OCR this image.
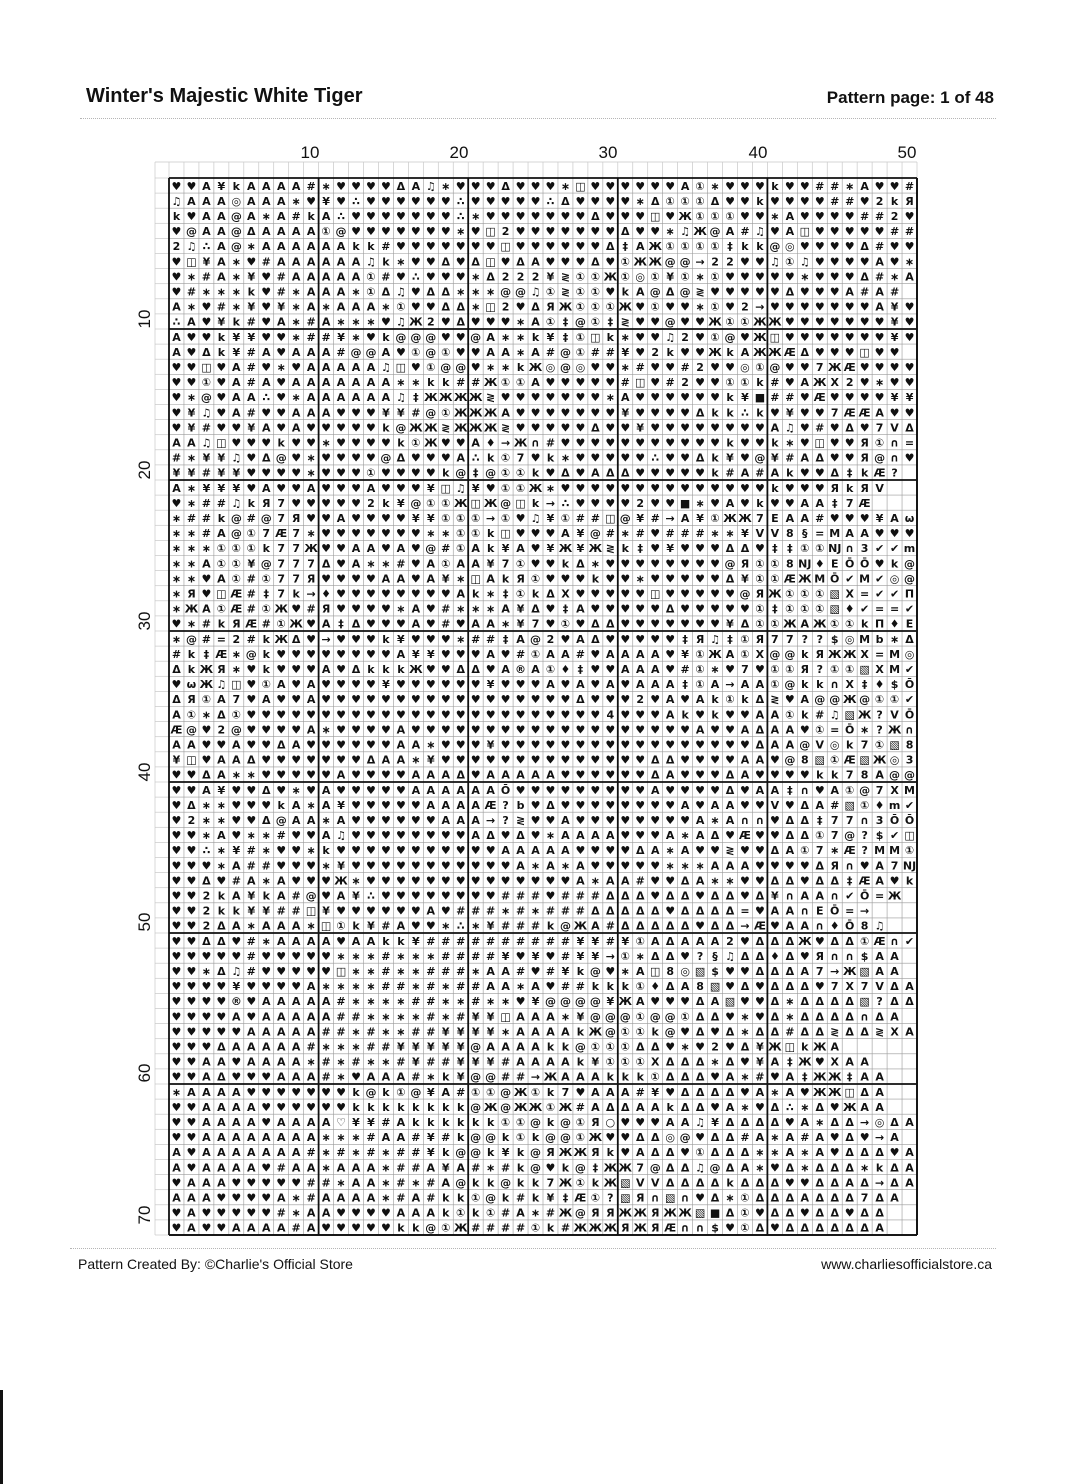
Winter's Majestic White Tiger	Pattern page: 1 of 48
10	20	30	40	50
10
20
30
40
50
60
70
♥ ♥ A ¥ k A A A A # ∗ ♥ ♥ ♥ ♥ Δ A ♫ ∗ ♥ ♥ ♥ Δ ♥ ♥ ♥ ∗ ◫ ♥ ♥ ♥ ♥ ♥ ♥ A ① ∗ ♥ ♥ ♥ k ♥ ♥ # # ∗ A ♥ ♥ #
♫ A A A ◎ A A A ∗ ♥ ¥ ♥ ∴ ♥ ♥ ♥ ♥ ♥ ♥ ∴ ♥ ♥ ♥ ♥ ♥ ∴ Δ ♥ ♥ ♥ ♥ ∗ Δ ① ① ① Δ ♥ ♥ k ♥ ♥ ♥ ♥ # # ♥ 2 k Я
k ♥ A A @ A ∗ A # k A ∴ ♥ ♥ ♥ ♥ ♥ ♥ ♥ ∴ ∗ ♥ ♥ ♥ ♥ ♥ ♥ ♥ Δ ♥ ♥ ♥ ◫ ♥ Ж ① ① ① ♥ ♥ ∗ A ♥ ♥ ♥ ♥ # # 2 ♥
♥ @ A A @ Δ A A A A ① @ ♥ ♥ ♥ ♥ ♥ ♥ ♥ ∗ ♥ ◫ 2 ♥ ♥ ♥ ♥ ♥ ♥ ♥ Δ ♥ ♥ ∗ ♫ Ж @ A # ♫ ♥ A ◫ ♥ ♥ ♥ ♥ ♥ # #
2 ♫ ∴ A @ ∗ A A A A A A k k # ♥ ♥ ♥ ♥ ♥ ♥ ♥ ◫ ♥ ♥ ♥ ♥ ♥ ♥ Δ ‡ A Ж ① ① ① ① ‡ k k @ ◎ ♥ ♥ ♥ ♥ Δ # ♥ ♥
♥ ◫ ¥ A ∗ ♥ # A A A A A A ♫ k ∗ ♥ ♥ Δ ♥ Δ ◫ ♥ Δ A ♥ ♥ ♥ Δ ♥ ① Ж Ж @ @ → 2 2 ♥ ♥ ♫ ① ♫ ♥ ♥ ♥ ♥ A ♥ ∗
♥ ∗ # A ∗ ¥ ♥ # A A A A A ① # ♥ ∴ ♥ ♥ ♥ ∗ Δ 2 2 2 ¥ ≷ ① ① Ж ① ◎ ① ¥ ① ∗ ① ♥ ♥ ♥ ♥ ♥ ∗ ♥ ♥ ♥ Δ # ∗ A
♥ # ∗ ∗ ∗ k ♥ # ∗ A A A ∗ ① Δ ♫ ♥ Δ Δ ∗ ∗ ∗ @ @ ♫ ① ≷ ① ① ♥ k A @ Δ @ ≷ ♥ ♥ ♥ ♥ ♥ Δ ♥ ♥ ♥ A # A #
A ∗ ♥ # ∗ ¥ ♥ ¥ ∗ A ∗ A A A ∗ ① ♥ ♥ Δ Δ ∗ ◫ 2 ♥ Δ Я Ж ① ① ① Ж ♥ ① ♥ ♥ ∗ ① ♥ 2 → ♥ ♥ ♥ ♥ ♥ ♥ ♥ A ¥ ♥
∴ A ♥ ¥ k # ♥ A ∗ # A ∗ ∗ ∗ ♥ ♫ Ж 2 ♥ Δ ♥ ♥ ♥ ∗ A ① ‡ @ ① ‡ ≷ ♥ ♥ @ ♥ ♥ Ж ① ① Ж Ж ♥ ♥ ♥ ♥ ♥ ♥ ♥ ¥ ♥
A ♥ ♥ k ¥ ¥ ♥ ♥ ∗ # # ¥ ∗ ♥ k @ @ @ ♥ ♥ @ A ∗ ∗ k ¥ ‡ ① ◫ k ∗ ♥ ♥ ♫ 2 ♥ ① @ ♥ Ж ◫ ♥ ♥ ♥ ♥ ♥ ♥ ♥ ¥ ♥
A ♥ Δ k ¥ # A ♥ A A A # @ @ A ♥ ① @ ① ♥ ♥ A A ∗ A # @ ① # # ¥ ♥ 2 k ♥ ♥ Ж k A Ж Ж Æ Δ ♥ ♥ ♥ ◫ ♥ ♥
♥ ♥ ◫ ♥ A # ♥ ∗ ♥ A A A A A ♫ ◫ ♥ ① @ @ ♥ ∗ ∗ k Ж ◎ @ ◎ ♥ ♥ ∗ # ♥ ♥ # 2 ♥ ♥ ◎ ① @ ♥ ♥ 7 Ж Æ ♥ ♥ ♥ ♥
♥ ♥ ① ♥ A # A ♥ A A A A A A A ∗ ∗ k k # # Ж ① ① A ♥ ♥ ♥ ♥ ♥ # ◫ ♥ # 2 ♥ ♥ ① ① k # ♥ A Ж X 2 ♥ ∗ ♥ ♥
♥ ∗ @ ♥ A A ∴ ♥ ∗ A A A A A A ♫ ‡ Ж Ж Ж Ж ≷ ♥ ♥ ♥ ♥ ♥ ♥ ♥ ∗ A ♥ ♥ ♥ ♥ ♥ ♥ k ¥ ■ # # ♥ Æ ♥ ♥ ♥ ♥ ¥ ¥
♥ ¥ ♫ ♥ A # ♥ ♥ A A A ♥ ♥ ♥ ¥ ¥ # @ ① Ж Ж Ж A ♥ ♥ ♥ ♥ ♥ ♥ ♥ ¥ ♥ ♥ ♥ ♥ Δ k k ∴ k ♥ ¥ ♥ ♥ 7 Æ Æ A ♥ ♥
♥ ¥ # ♥ ♥ ¥ A ♥ A ♥ ♥ ♥ ♥ ♥ k @ Ж Ж ≷ Ж Ж Ж ≷ ♥ ♥ ♥ ♥ ♥ Δ ♥ ♥ ¥ ♥ ♥ ♥ ♥ ♥ ♥ ♥ ♥ A ♫ ♥ # ♥ Δ ♥ 7 V Δ
A A ♫ ◫ ♥ ♥ ♥ k ♥ ♥ ∗ ♥ ♥ ♥ ♥ k ① Ж ♥ ♥ A ♦ → Ж ∩ # ♥ ♥ ♥ ♥ ♥ ♥ ♥ ♥ ♥ ♥ ♥ k ♥ ♥ k ∗ ♥ ◫ ♥ ♥ Я ① ∩ =
# ∗ ¥ ¥ ♫ ♥ Δ @ ♥ ∗ ♥ ♥ ♥ ♥ @ Δ ♥ ♥ ♥ A ∴ k ① 7 ♥ k ∗ ♥ ♥ ♥ ♥ ♥ ∴ ♥ ♥ Δ k ¥ ♥ @ ¥ # A Δ ♥ ♥ Я @ ∩ ♥
¥ ¥ # ¥ ¥ ♥ ♥ ♥ ♥ ∗ ♥ ♥ ♥ ① ♥ ♥ ♥ ♥ k @ ‡ @ ① ① k ♥ Δ ♥ A Δ Δ ♥ ♥ ♥ ♥ ♥ k # A # A k ♥ ♥ Δ ‡ k Æ ?
A ∗ ¥ ¥ ¥ ♥ A ♥ ♥ A ♥ ♥ ♥ A ♥ ♥ ♥ ¥ ◫ ♫ ¥ ♥ ① ① Ж ∗ ♥ ♥ ♥ ♥ ♥ ♥ ♥ ♥ ♥ ♥ ♥ ♥ ♥ ♥ k ♥ ♥ ♥ Я k Я V
♥ ∗ # # ♫ k Я 7 ♥ ♥ ♥ ♥ ♥ 2 k ¥ @ ① ① Ж ◫ Ж @ ◫ k → ∴ ♥ ♥ ♥ ♥ 2 ♥ ♥ ■ ∗ ♥ A ♥ k ♥ ♥ A A ‡ 7 Æ
∗ # # k @ # @ 7 Я ♥ ♥ A ♥ ♥ ♥ ♥ ¥ ¥ ① ① ① → ① ♥ ♫ ¥ ① # # ◫ @ ¥ # → A ¥ ① Ж Ж 7 E A A # ♥ ♥ ♥ ¥ A ω
∗ ∗ # A @ ① 7 Æ 7 ∗ ♥ ♥ ♥ ♥ ♥ ♥ ♥ ∗ ∗ ① ① k ◫ ♥ ♥ ♥ A ¥ @ # ∗ # ♥ # # # ∗ ∗ ¥ V V 8 § = M A A ♥ ♥ ♥
∗ ∗ ∗ ① ① ① k 7 7 Ж ♥ ♥ A A ♥ A ♥ @ # ① A k ¥ A ♥ ¥ Ж ¥ Ж ≷ k ‡ ♥ ¥ ♥ ♥ ♥ Δ Δ ♥ ‡ ‡ ① ① Ǌ ∩ 3 ✔ ✔ m
∗ ∗ A ① ① ¥ @ 7 7 7 Δ ♥ A ∗ ∗ # ♥ A ① A A ¥ 7 ① ♥ ♥ k Δ ∗ ♥ ♥ ♥ ♥ ♥ ♥ ♥ ♥ @ Я ① ① 8 Ǌ ♦ E Ō Ō ♥ k @
∗ ∗ ♥ A ① # ① 7 7 Я ♥ ♥ ♥ ♥ A A ♥ A ¥ ∗ ◫ A k Я ① ♥ ♥ ♥ k ♥ ♥ ∗ ♥ ♥ ♥ ♥ ♥ Δ ¥ ① ① Æ Ж M Ō ✔ M ✔ ◎ @
∗ Я ♥ ◫ Æ # ‡ 7 k → ♦ ♥ ♥ ♥ ♥ ♥ ♥ ♥ ♥ A k ∗ ‡ ① k Δ X ♥ ♥ ♥ ♥ ♥ ◫ ♥ ♥ ♥ ♥ ♥ @ Я Ж ① ① ① ▧ X = ✔ ✔ Π
∗ Ж A ① Æ # ① Ж ♥ # Я ♥ ♥ ♥ ♥ ∗ A ♥ # ∗ ∗ ∗ A ¥ Δ ♥ ‡ A ♥ ♥ ♥ ♥ ♥ Δ ♥ ♥ ♥ ♥ ♥ ① ‡ ① ① ① ▧ ♦ ✔ = = ✔
♥ ∗ # k Я Æ # ① Ж ♥ A ‡ Δ ♥ ♥ ♥ A ♥ # ♥ A A ∗ ¥ 7 ♥ ① ♥ Δ Δ ♥ ♥ ♥ ♥ ♥ ♥ ♥ ¥ Δ ① ① Ж A Ж ① ① k Π ♦ E
∗ @ # = 2 # k Ж Δ ♥ → ♥ ♥ ♥ k ¥ ♥ ♥ ♥ ∗ # # ‡ A @ 2 ♥ A Δ ♥ ♥ ♥ ♥ ♥ ‡ Я ♫ ‡ ① Я 7 7 ? ? $ ◎ M b ∗ Δ
# k ‡ Æ ∗ @ k ♥ ♥ ♥ ♥ ♥ ♥ ♥ ♥ A ¥ ¥ ♥ ♥ ♥ A ♥ # ① A A # ♥ A A A A ♥ ¥ ① Ж A ① X @ @ k Я Ж Ж X = M ◎
Δ k Ж Я ∗ ♥ k ♥ ♥ ♥ A ♥ Δ k k k Ж ♥ ♥ Δ Δ ♥ A ® A ① ♦ ‡ ♥ ♥ A A A ♥ # ① ∗ ♥ 7 ♥ ① ① Я ? ① ① ▧ X M ✔
♥ ω Ж ♫ ◫ ♥ ① A ♥ A ♥ ♥ ♥ ♥ ¥ ♥ ♥ ♥ ♥ ♥ ♥ ¥ ♥ ♥ ♥ A ♥ A ♥ A ♥ A A A ‡ ① A → A A ① @ k k ∩ X ‡ ♦ $ Ō
Δ Я ① A 7 ♥ A ♥ ♥ A ♥ ♥ ♥ ♥ ♥ ♥ ♥ ♥ ♥ ♥ ♥ ♥ ♥ ♥ ♥ ♥ ♥ Δ ♥ ♥ ♥ 2 ♥ A ♥ A k ① k Δ ≷ ♥ A @ @ Ж @ ① ① ✔
A ① ∗ Δ ① ♥ ♥ ♥ ♥ ♥ ♥ ♥ ♥ ♥ ♥ ♥ ♥ ♥ ♥ ♥ ♥ ♥ ♥ ♥ ♥ ♥ ♥ ♥ ♥ 4 ♥ ♥ ♥ A k ♥ k ♥ ♥ A A ① k # ♫ ▧ Ж ? V Ō
Æ @ ♥ 2 @ ♥ ♥ ♥ ♥ A ∗ ♥ ♥ ♥ ♥ A ♥ ♥ ♥ ♥ ♥ ♥ ♥ ♥ ♥ ♥ ♥ ♥ ♥ ♥ ♥ ♥ ♥ ♥ ♥ A ♥ ♥ A Δ A A ♥ ① = Ō ∗ ? Ж ∩
A A ♥ ♥ A ♥ ♥ Δ A ♥ ♥ ♥ ♥ ♥ ♥ A A ∗ ♥ ♥ ♥ ¥ ♥ ♥ ♥ ♥ ♥ ♥ ♥ ♥ ♥ ♥ ♥ ♥ ♥ ♥ ♥ ♥ ♥ Δ A A @ V ◎ k 7 ① ▧ 8
¥ ◫ ♥ A A Δ ♥ ♥ ♥ ♥ ♥ ♥ ♥ Δ A A ∗ ¥ ♥ ♥ ♥ ♥ ♥ ♥ ♥ ♥ ♥ ♥ ♥ ♥ ♥ ♥ Δ Δ ♥ ♥ ♥ ♥ A A ♥ @ 8 ▧ ① Æ ▧ Ж ◎ 3
♥ ♥ Δ A ∗ ∗ ♥ ♥ ♥ ♥ ♥ A ♥ ♥ ♥ ♥ A A A Δ ♥ A A A A A ♥ ♥ ♥ ♥ ♥ ♥ Δ A ♥ ♥ ♥ Δ A ♥ ♥ ♥ ♥ k k 7 8 A @ @
♥ ♥ A ¥ ♥ ♥ Δ ♥ ∗ ♥ A ♥ ♥ ♥ ♥ ♥ A A A A A A Ō ♥ ♥ ♥ ♥ ♥ ♥ ♥ ♥ ♥ A ♥ ♥ ♥ ♥ Δ ♥ A A ‡ ∩ ♥ A ① @ 7 X M
♥ Δ ∗ ∗ ♥ ♥ ♥ k A ∗ A ¥ ♥ ♥ ♥ ♥ ♥ A A A A Æ ? b ♥ Δ ♥ ♥ ♥ ♥ ♥ ♥ ♥ ♥ A ♥ A A ♥ ♥ V ♥ Δ A # ▧ ① ♦ m ✔
♥ 2 ∗ ∗ ♥ ♥ Δ @ A A ∗ A ♥ ♥ ♥ ♥ ♥ ♥ A A A → ? ≷ ♥ ♥ A ♥ ♥ ♥ ♥ ♥ ♥ ♥ ♥ A ∗ A ∩ ∩ ♥ Δ Δ ‡ 7 7 ∩ 3 Ō Ō
♥ ♥ ∗ A ♥ ∗ ∗ # ♥ ♥ A ♫ ♥ ♥ ♥ ♥ ♥ ♥ ♥ ♥ A Δ ♥ Δ ♥ ∗ A A A A ♥ ♥ ♥ A ∗ A Δ ♥ Æ ♥ ♥ Δ Δ ① 7 @ ? $ ✔ ◫
♥ ♥ ∴ ∗ ¥ # ∗ ♥ ♥ ∗ k ♥ ♥ ♥ ♥ ♥ ♥ ♥ ♥ ♥ ♥ ♥ A A A A A ♥ ♥ ♥ ♥ Δ A ∗ A ♥ ♥ ≷ ♥ ♥ Δ A ① 7 ∗ Æ ? M M ①
♥ ♥ ♥ ∗ A # # ♥ ♥ ♥ ∗ ¥ ♥ ♥ ♥ ♥ ♥ ♥ ♥ ♥ ♥ ♥ ♥ A ∗ A ∗ A ♥ ♥ ♥ ♥ ♥ ∗ ∗ ∗ A A A ♥ ♥ ♥ ♥ Δ Я ∩ ♥ A 7 Ǌ
♥ ♥ Δ ♥ # A ∗ A ♥ ♥ ♥ Ж ∗ ♥ ♥ ♥ ♥ ♥ ♥ ♥ ♥ ♥ ♥ ♥ ♥ ♥ ♥ A ∗ A A # ♥ ♥ Δ A ∗ ∗ ♥ ♥ Δ Δ ♥ Δ Δ ‡ Æ A ♥ k
♥ ♥ 2 k A ¥ k A # @ ♥ A ¥ ∴ ♥ ♥ ♥ ♥ ♥ ♥ ♥ ♥ # # # ♥ # # # Δ Δ Δ ♥ Δ Δ ♥ Δ Δ ♥ Δ ¥ ∩ A A ∩ ✔ Ō = Ж
♥ ♥ 2 k k ¥ ¥ # # ◫ ¥ ♥ ♥ ♥ ♥ ♥ ♥ A ♥ # # # ∗ # ∗ # # # Δ Δ Δ Δ Δ ♥ Δ Δ Δ Δ = ♥ A A ∩ E Ō = →
♥ ♥ 2 Δ A ∗ A A A ∗ ◫ ① k ¥ # A ♥ ♥ ∗ ∴ ∗ ¥ # # # k @ Ж A # Δ Δ Δ Δ Δ ♥ Δ Δ → Æ ♥ A A ∩ ♦ Ō 8 ♫
♥ ♥ Δ Δ ♥ # ∗ A A A A ♥ A A k k ¥ # # # # # # # # # # ¥ ¥ # ¥ ① A Δ A A A 2 ♥ Δ Δ Δ Ж ♥ Δ Δ ① Æ ∩ ✔
♥ ♥ ♥ ♥ ♥ # ♥ ♥ ♥ ♥ ♥ ∗ ∗ ∗ # ∗ ∗ ∗ # # # # ¥ ♥ ¥ ♥ # ¥ ¥ → ① ∗ Δ Δ ♥ ? § ♫ Δ Δ ♦ Δ ♥ Я ∩ ∩ $ A A
♥ ♥ ∗ Δ ♫ # ♥ ♥ ♥ ♥ ♥ ◫ ∗ ∗ # ∗ ∗ # # # ∗ A A # ♥ # ¥ k @ ♥ ∗ A ◫ 8 ◎ ▧ $ ♥ ♥ Δ Δ Δ A 7 → Ж ▧ A A
♥ ♥ ♥ ♥ ¥ ♥ ♥ ♥ ♥ A ∗ ∗ ∗ ∗ # # ∗ # ∗ # # A A ∗ A ♥ # # k k k ① ♦ Δ A 8 ▧ ♥ Δ ♥ Δ Δ Δ ♥ 7 X 7 V Δ A
♥ ♥ ♥ ♥ ® ♥ A A A A A # ∗ ∗ ∗ ∗ # # ∗ ∗ # ∗ ∗ ♥ ¥ @ @ @ @ ¥ Ж A ♥ ♥ ♥ Δ A ▧ ♥ ♥ Δ ∗ Δ Δ Δ Δ ▧ ? Δ Δ
♥ ♥ ♥ ♥ A ♥ A A A A A # # ∗ ∗ ∗ ∗ # ∗ # ¥ ¥ ◫ A A A ∗ ¥ @ @ @ ① @ @ ① Δ Δ ♥ ∗ ♥ Δ ∗ Δ Δ Δ Δ ∩ Δ A
♥ ♥ ♥ ♥ ♥ A A A A A # # ∗ # ∗ ∗ # # ¥ ¥ ¥ ¥ ∗ A A A A k Ж @ ① ① k @ ♥ Δ ♥ Δ ∗ Δ Δ # Δ Δ ≷ Δ Δ ≷ X A
♥ ♥ ♥ Δ A A A A A # ∗ ∗ ∗ # # ¥ ¥ ¥ ¥ ¥ @ A A A A k k @ ① ① ① Δ Δ ♥ ∗ ♥ 2 ♥ Δ ¥ Ж ◫ k Ж A
♥ ♥ A A ♥ A A A A ∗ # ∗ # ∗ ∗ # ¥ # # ¥ ¥ ¥ # A A A A k ¥ ① ① ① X Δ Δ Δ ∗ Δ ♥ ¥ A ‡ Ж ♥ X A A
♥ ♥ A Δ ♥ ♥ ♥ A A A # ∗ ♥ A A A # ∗ k ¥ @ @ # # → Ж A A A k k k ① Δ Δ Δ ♥ A ∗ # ♥ A ‡ Ж Ж ‡ A A
∗ A A A A ♥ ♥ ♥ ♥ ♥ ♥ ♥ k @ k ① @ ¥ A # ① ① @ Ж ① k 7 ♥ A A A # ¥ ♥ Δ Δ Δ Δ ♥ A ∗ A ♥ Ж Ж ◫ Δ A
♥ ♥ A A A A ♥ ♥ ♥ ♥ ♥ ♥ k k k k k k k k @ Ж @ Ж Ж ① Ж # A Δ Δ A A k Δ Δ ♥ A ∗ ♥ Δ ∴ ∗ Δ ♥ Ж A A
♥ ♥ A A A A ♥ A A A A ♡ ¥ ¥ # A k k k k k k ① ① @ k @ ① Я ○ ♥ ♥ ♥ A A ♫ ¥ Δ Δ Δ Δ ♥ A ∗ Δ Δ → ◎ Δ A
♥ ♥ A A A A A A A A ∗ ∗ ∗ # A A # ¥ # k @ @ k ① k @ @ ① Ж ♥ ♥ Δ Δ ◎ @ ♥ Δ Δ # A ∗ A # A ♥ Δ ♥ → A
A ♥ A A A A A A A # ∗ # ∗ # ∗ # # ¥ k @ @ k ¥ k @ Я Ж Ж Я k ♥ A Δ Δ ♥ ① Δ Δ Δ ∗ ∗ A ∗ A ♥ Δ Δ Δ ♥ A
A ♥ A A A A ♥ # A A ∗ A A A ∗ # # A ¥ A # ∗ # k @ ♥ k @ ‡ Ж Ж 7 @ Δ Δ ♫ @ Δ A ∗ ♥ Δ ∗ Δ Δ Δ ∗ k Δ A
♥ A A A ♥ ♥ ♥ ♥ ♥ # # ∗ A A ∗ # ∗ # A @ k k @ k k 7 Ж ① k Ж ▧ V V Δ Δ Δ Δ k Δ Δ Δ ♥ ♥ Δ Δ A Δ → Δ A
A A A ♥ ♥ ♥ ♥ A ∗ # A A A A ∗ # A # k k ① @ k # k ¥ ‡ Æ ① ? ▧ Я ∩ ▧ ∩ ♥ Δ ∗ ① Δ Δ Δ A Δ Δ Δ 7 Δ A
♥ A ♥ ♥ ♥ ♥ ♥ # ∗ A A ♥ ♥ ♥ ♥ A A A k ① k ① # A ∗ # Ж @ Я Я Ж Ж Я Ж Ж ▧ ■ Δ ① ♥ Δ Δ ♥ Δ Δ ♥ Δ Δ
♥ A ♥ ♥ A A A A # A ♥ ♥ ♥ ♥ ♥ k k @ ① Ж # # # # ① k # Ж Ж Ж Я Ж Я Æ ∩ ∩ $ ♥ ① Δ ♥ Δ Δ Δ Δ Δ Δ A
Pattern Created By: ©Charlie's Official Store	www.charliesofficialstore.ca
